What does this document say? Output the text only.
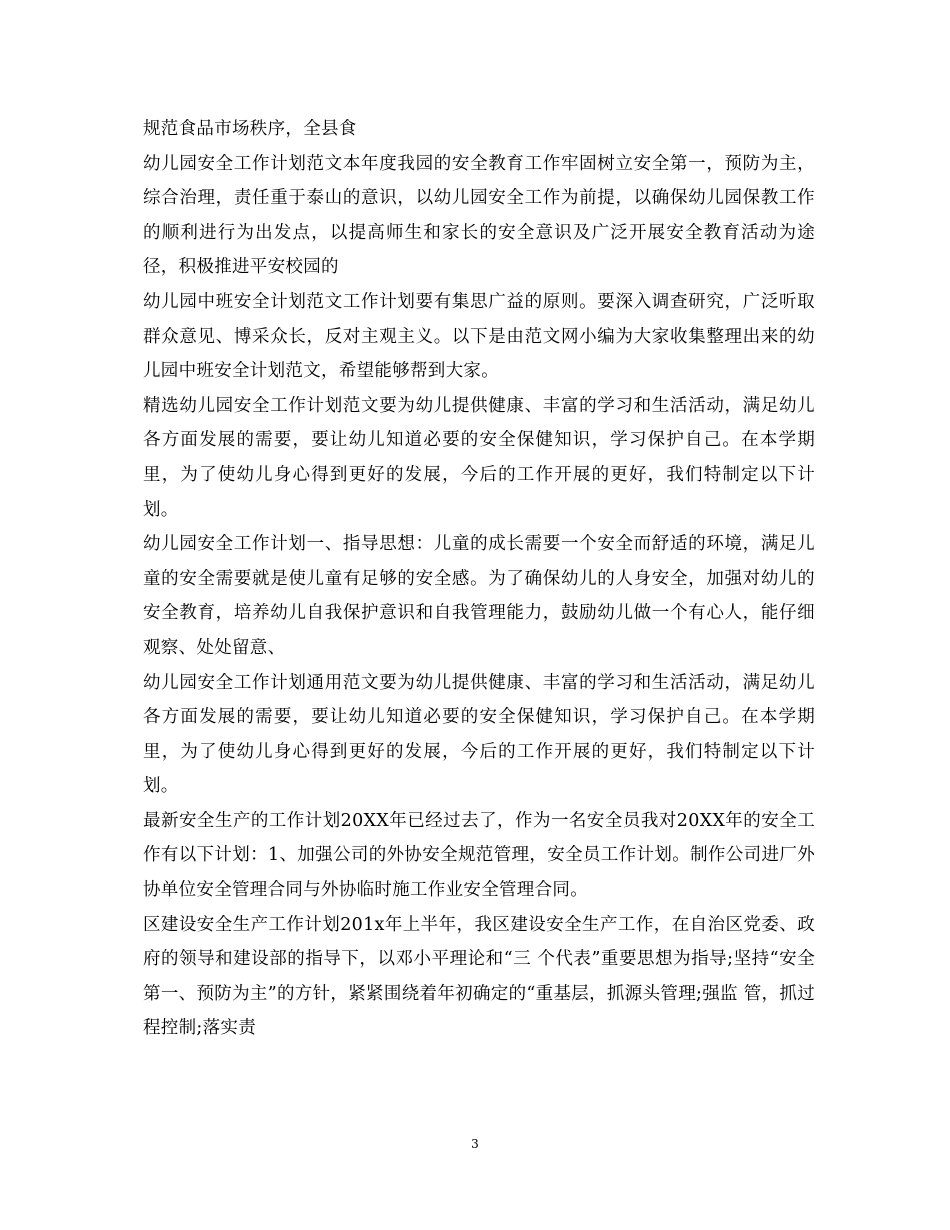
规范食品市场秩序，全县食

幼儿园安全工作计划范文本年度我园的安全教育工作牢固树立安全第一，预防为主，综合治理，责任重于泰山的意识，以幼儿园安全工作为前提，以确保幼儿园保教工作的顺利进行为出发点，以提高师生和家长的安全意识及广泛开展安全教育活动为途径，积极推进平安校园的

幼儿园中班安全计划范文工作计划要有集思广益的原则。要深入调查研究，广泛听取群众意见、博采众长，反对主观主义。以下是由范文网小编为大家收集整理出来的幼儿园中班安全计划范文，希望能够帮到大家。

精选幼儿园安全工作计划范文要为幼儿提供健康、丰富的学习和生活活动，满足幼儿各方面发展的需要，要让幼儿知道必要的安全保健知识，学习保护自己。在本学期里，为了使幼儿身心得到更好的发展，今后的工作开展的更好，我们特制定以下计划。

幼儿园安全工作计划一、指导思想：儿童的成长需要一个安全而舒适的环境，满足儿童的安全需要就是使儿童有足够的安全感。为了确保幼儿的人身安全，加强对幼儿的安全教育，培养幼儿自我保护意识和自我管理能力，鼓励幼儿做一个有心人，能仔细观察、处处留意、

幼儿园安全工作计划通用范文要为幼儿提供健康、丰富的学习和生活活动，满足幼儿各方面发展的需要，要让幼儿知道必要的安全保健知识，学习保护自己。在本学期里，为了使幼儿身心得到更好的发展，今后的工作开展的更好，我们特制定以下计划。

最新安全生产的工作计划20XX年已经过去了，作为一名安全员我对20XX年的安全工作有以下计划：1、加强公司的外协安全规范管理，安全员工作计划。制作公司进厂外协单位安全管理合同与外协临时施工作业安全管理合同。

区建设安全生产工作计划201x年上半年，我区建设安全生产工作，在自治区党委、政府的领导和建设部的指导下，以邓小平理论和“三 个代表”重要思想为指导;坚持“安全第一、预防为主”的方针，紧紧围绕着年初确定的“重基层，抓源头管理;强监 管，抓过程控制;落实责

3
